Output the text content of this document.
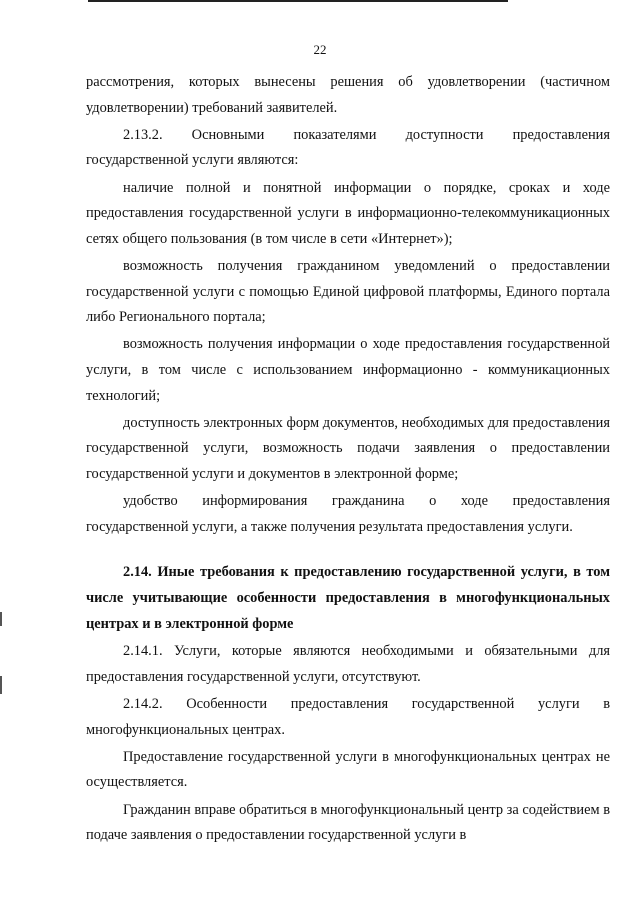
22

рассмотрения, которых вынесены решения об удовлетворении (частичном удовлетворении) требований заявителей.

2.13.2. Основными показателями доступности предоставления государственной услуги являются:

наличие полной и понятной информации о порядке, сроках и ходе предоставления государственной услуги в информационно-телекоммуникационных сетях общего пользования (в том числе в сети «Интернет»);

возможность получения гражданином уведомлений о предоставлении государственной услуги с помощью Единой цифровой платформы, Единого портала либо Регионального портала;

возможность получения информации о ходе предоставления государственной услуги, в том числе с использованием информационно - коммуникационных технологий;

доступность электронных форм документов, необходимых для предоставления государственной услуги, возможность подачи заявления о предоставлении государственной услуги и документов в электронной форме;

удобство информирования гражданина о ходе предоставления государственной услуги, а также получения результата предоставления услуги.

2.14. Иные требования к предоставлению государственной услуги, в том числе учитывающие особенности предоставления в многофункциональных центрах и в электронной форме

2.14.1. Услуги, которые являются необходимыми и обязательными для предоставления государственной услуги, отсутствуют.

2.14.2. Особенности предоставления государственной услуги в многофункциональных центрах.

Предоставление государственной услуги в многофункциональных центрах не осуществляется.

Гражданин вправе обратиться в многофункциональный центр за содействием в подаче заявления о предоставлении государственной услуги в
